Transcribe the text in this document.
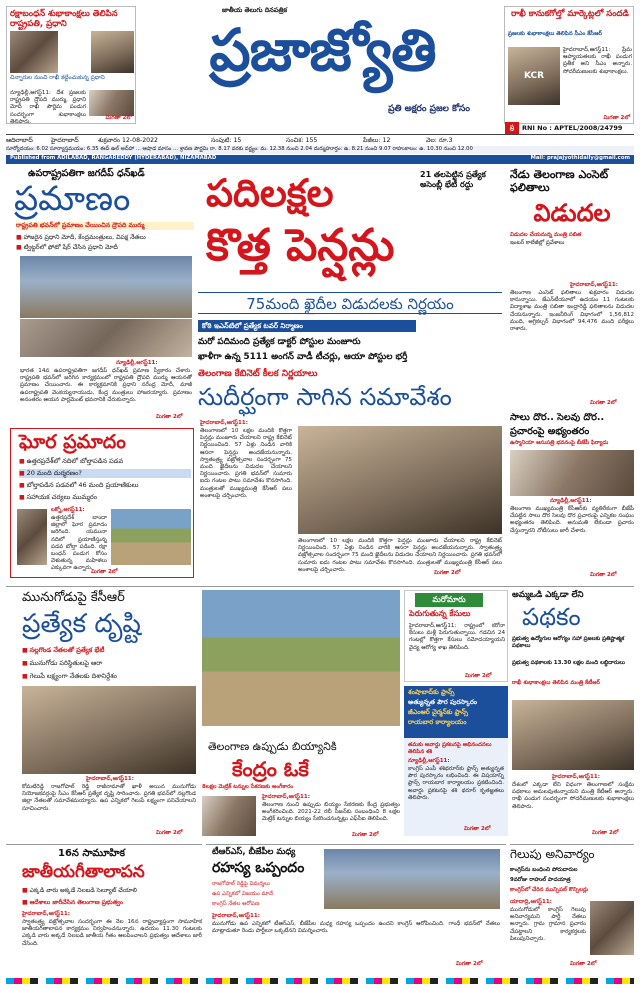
రక్షాబంధన్ శుభాకాంక్షలు తెలిపిన రాష్ట్రపతి, ప్రధాని
చిన్నారుల నుంచి రాఖీ కట్టించుకున్న ప్రధాని
న్యూఢిల్లీ,ఆగస్ట్11: దేశ ప్రజలకు రాష్ట్రపతి ద్రౌపది ముర్ము, ప్రధాని మోదీ రాఖీ పౌర్ణిమ పండుగ సందర్భంగా శుభాకాంక్షలు తెలిపారు.
మిగతా 2లో
జాతీయ తెలుగు దినపత్రిక
ప్రజాజ్యోతి
ప్రతి అక్షరం ప్రజల కోసం
రాఖీ కానుకగోల్తో మార్కెట్లలో సందడి
ప్రజలకు శుభాకాంక్షలు తెలిపిన సీఎం కేసీఆర్
KCR
హైదరాబాద్,ఆగస్ట్11: ప్రేమ ఆప్యాయతలకు రాఖీ పండుగ ప్రతీక అని సీఎం అన్నారు. సోదరీమణులకు శుభాకాంక్షలు.
మిగతా 2లో
ప్ర	RNI No : APTEL/2008/24799
ఆదిలాబాద్	హైదరాబాద్	శుక్రవారం 12-08-2022	సంపుటి: 15	సంచిక: 155	పేజీలు: 12	వెల: రూ.3
సూర్యోదయం: 6.02 సూర్యాస్తమయం: 6.35 ఈద్ ఉల్ అద్‌హా ... ఆషాడ మాసం ... శ్రావణ పౌర్ణమి రా. 8.17 వరకు వర్జ్యం: మ. 12.38 నుంచి 2.04 దుర్ముహూర్తం: ఉ. 8.21 నుంచి 9.07 రాహుకాలం: ఉ. 10.30 నుంచి 12.00
Published from ADILABAD, RANGAREDDY (HYDERABAD), NIZAMABAD	Mail: prajajyothidaily@gmail.com
ఉపరాష్ట్రపతిగా జగదీప్ ధన్‌ఖడ్
ప్రమాణం
రాష్ట్రపతి భవన్‌లో ప్రమాణం చేయించిన ద్రౌపది ముర్ము
■ హాజరైన ప్రధాని మోదీ, కేంద్రమంత్రులు, విపక్ష నేతలు
■ ట్విట్టర్‌లో ఫోటో షేర్ చేసిన ప్రధాని మోదీ
న్యూఢిల్లీ,ఆగస్ట్11:
భారత 14వ ఉపరాష్ట్రపతిగా జగదీప్ ధన్‌ఖడ్ ప్రమాణ స్వీకారం చేశారు. రాష్ట్రపతి భవన్‌లో జరిగిన కార్యక్రమంలో రాష్ట్రపతి ద్రౌపది ముర్ము ఆయనతో ప్రమాణం చేయించారు. ఈ కార్యక్రమానికి ప్రధాని నరేంద్ర మోదీ, మాజీ ఉపరాష్ట్రపతి వెంకయ్యనాయుడు, కేంద్ర మంత్రులు హాజరయ్యారు. ప్రమాణం అనంతరం ఆయన పార్లమెంట్ భవనానికి చేరుకున్నారు.
మిగతా 2లో
ఘోర ప్రమాదం
■ ఉత్తరప్రదేశ్‌లో నదిలో బోల్తాపడిన పడవ
■ 20 మంది దుర్మరణం?
■ బోల్తాపడిన పడవలో 46 మంది ప్రయాణికులు
■ సహాయక చర్యలు ముమ్మరం
లక్నో,ఆగస్ట్11:
ఉత్తరప్రదేశ్ బాందా జిల్లాలో ఘోర ప్రమాదం జరిగింది. యమునా నదిలో ప్రయాణిస్తున్న పడవ బోల్తా పడింది. రక్షా బంధన్ పండుగ కోసం వెళుతున్న మహిళలు ఎక్కువగా ఉన్నారు.
మిగతా 2లో
పదిలక్షల	21 తలపెట్టిన ప్రత్యేక అసెంబ్లీ భేటీ రద్దు
కొత్త పెన్షన్లు
75మంది ఖైదీల విడుదలకు నిర్ణయం
కోఠి ఇఎన్‌టిలో ప్రత్యేక టవర్ నిర్మాణం
మరో పదిమంది ప్రత్యేక డాక్టర్ పోస్టుల మంజూరు
ఖాళీగా ఉన్న 5111 అంగన్ వాడీ టీచర్లు, ఆయా పోస్టుల భర్తీ
తెలంగాణ కేబినెట్ కీలక నిర్ణయాలు
సుదీర్ఘంగా సాగిన సమావేశం
హైదరాబాద్,ఆగస్ట్11:
తెలంగాణలో 10 లక్షల మందికి కొత్తగా పెన్షన్లు మంజూరు చేయాలని రాష్ట్ర కేబినెట్ నిర్ణయించింది. 57 ఏళ్లు నిండిన వారికి ఆసరా పెన్షన్లు అందజేయనున్నారు. స్వాతంత్ర్య వజ్రోత్సవాల సందర్భంగా 75 మంది ఖైదీలను విడుదల చేయాలని నిర్ణయించారు. ప్రగతి భవన్‌లో సుమారు ఐదు గంటల పాటు సమావేశం కొనసాగింది. మంత్రులతో ముఖ్యమంత్రి కేసీఆర్ పలు అంశాలపై చర్చించారు.
తెలంగాణలో 10 లక్షల మందికి కొత్తగా పెన్షన్లు మంజూరు చేయాలని రాష్ట్ర కేబినెట్ నిర్ణయించింది. 57 ఏళ్లు నిండిన వారికి ఆసరా పెన్షన్లు అందజేయనున్నారు. స్వాతంత్ర్య వజ్రోత్సవాల సందర్భంగా 75 మంది ఖైదీలను విడుదల చేయాలని నిర్ణయించారు. ప్రగతి భవన్‌లో సుమారు ఐదు గంటల పాటు సమావేశం కొనసాగింది. మంత్రులతో ముఖ్యమంత్రి కేసీఆర్ పలు అంశాలపై చర్చించారు.
మిగతా 2లో
నేడు తెలంగాణ ఎంసెట్ ఫలితాలు
విడుదల
విడుదల చేయనున్న మంత్రి సబిత
ఇంటర్ కాలేజీల్లో ప్రవేశాలు
హైదరాబాద్,ఆగస్ట్11:
తెలంగాణ ఎంసెట్ ఫలితాలు శుక్రవారం విడుదల కానున్నాయి. జేఎన్‌టీయూలో ఉదయం 11 గంటలకు విద్యాశాఖ మంత్రి సబితా ఇంద్రారెడ్డి ఫలితాలను విడుదల చేయనున్నారు. ఇంజనీరింగ్ విభాగంలో 1,56,812 మంది, అగ్రికల్చర్ విభాగంలో 94,476 మంది పరీక్షలు రాశారు.
మిగతా 2లో
సాలు దొర.. సెలవు దొర..
ప్రచారంపై అభ్యంతరం
ఉస్మానియా ఆసుపత్రి భవనంపై బీజేపీ ఫిర్యాదు
న్యూఢిల్లీ,ఆగస్ట్11:
తెలంగాణ ముఖ్యమంత్రి కేసీఆర్‌కు వ్యతిరేకంగా బీజేపీ చేపట్టిన సాలు దొర సెలవు దొర ప్రచారంపై ఎన్నికల సంఘం అభ్యంతరం తెలిపింది. అనుమతి లేకుండా ప్రచారం చేస్తున్నారని నోటీసులు జారీ చేశారు.
మిగతా 2లో
మునుగోడుపై కేసీఆర్
ప్రత్యేక దృష్టి
■ నల్లగొండ నేతలతో ప్రత్యేక భేటీ
■ మునుగోడు పరిస్థితులపై ఆరా
■ గెలుపే లక్ష్యంగా నేతలకు దిశానిర్దేశం
హైదరాబాద్,ఆగస్ట్11:
కోమటిరెడ్డి రాజగోపాల్ రెడ్డి రాజీనామాతో ఖాళీ అయిన మునుగోడు నియోజకవర్గంపై సీఎం కేసీఆర్ ప్రత్యేక దృష్టి సారించారు. ప్రగతి భవన్‌లో నల్లగొండ జిల్లా నేతలతో సమావేశమయ్యారు. ఉప ఎన్నికలో గెలుపే లక్ష్యంగా పనిచేయాలని సూచించారు.
మిగతా 2లో
తెలంగాణ ఉప్పుడు బియ్యానికి
కేంద్రం ఓకే
8లక్షల మెట్రిక్ టన్నుల సేకరణకు అంగీకారం
హైదరాబాద్,ఆగస్ట్11:
తెలంగాణ నుంచి ఉప్పుడు బియ్యం సేకరణకు కేంద్ర ప్రభుత్వం అంగీకరించింది. 2021-22 రబీ సీజన్‌కు సంబంధించి 8 లక్షల మెట్రిక్ టన్నుల బియ్యం సేకరించనున్నట్లు ఎఫ్‌సీఐ తెలిపింది.
మిగతా 2లో
మరోమారు
పెరుగుతున్న కేసులు
హైదరాబాద్,ఆగస్ట్11: రాష్ట్రంలో కరోనా కేసులు మళ్లీ పెరుగుతున్నాయి. గడచిన 24 గంటల్లో కొత్తగా కేసులు నమోదయ్యాయని వైద్య ఆరోగ్య శాఖ తెలిపింది.
మిగతా 2లో
శంషాబాద్‌కు ఫ్రాన్స్
అత్యున్నత పౌర పురస్కారం
జీఎంఆర్ చైర్మన్‌కు ఫ్రాన్స్
రాయబార కార్యాలయం
తమకు అవార్డు ప్రకటనపై అభినందనలు తెలిపిన శశి
న్యూఢిల్లీ,ఆగస్ట్11:
కాంగ్రెస్ ఎంపీ శశిథరూర్‌కు ఫ్రాన్స్ అత్యున్నత పౌర పురస్కారం లభించింది. ఈ విషయాన్ని ఫ్రాన్స్ రాయబార కార్యాలయం ప్రకటించింది. అవార్డు ప్రకటనపై శశి థరూర్ కృతజ్ఞతలు తెలిపారు.
మిగతా 2లో
అమ్మఒడి ఎక్కడా లేని
పథకం
ప్రభుత్వ ఉద్యోగుల ఆరోగ్యం సహా ప్రజలకు ప్రతిష్టాత్మక పథకాలు
ప్రభుత్వ పథకాలకు 13.30 లక్షల మంది లబ్ధిదారులు
రాఖీ శుభాకాంక్షలు తెలిపిన మంత్రి కేటీఆర్
హైదరాబాద్,ఆగస్ట్11:
దేశంలో ఎక్కడా లేని విధంగా తెలంగాణలో సంక్షేమ పథకాలు అమలవుతున్నాయని మంత్రి కేటీఆర్ అన్నారు. రాఖీ పండుగ సందర్భంగా సోదరీమణులకు శుభాకాంక్షలు తెలిపారు.
మిగతా 2లో
16న సామూహిక
జాతీయగీతాలాపన
■ ఎక్కడి వారు అక్కడే నిలబడి సెల్యూట్ చేయాలి
■ ఆదేశాలు జారీచేసిన తెలంగాణ ప్రభుత్వం
హైదరాబాద్,ఆగస్ట్11:
స్వాతంత్ర్య వజ్రోత్సవాల సందర్భంగా ఈ నెల 16న రాష్ట్రవ్యాప్తంగా సామూహిక జాతీయగీతాలాపన కార్యక్రమం నిర్వహించనున్నారు. ఉదయం 11.30 గంటలకు ఎక్కడి వారు అక్కడే నిలబడి జాతీయ గీతం ఆలపించాలని ప్రభుత్వం ఆదేశాలు జారీ చేసింది.
టీఆర్ఎస్, బీజేపీల మధ్య
రహస్య ఒప్పందం
రాజగోపాల్ రెడ్డిపై విమర్శలు
ఉప ఎన్నికలో విజయం మాదే
కాంగ్రెస్ నేతల ఆరోపణ
హైదరాబాద్,ఆగస్ట్11:
మునుగోడు ఉప ఎన్నికలో టీఆర్ఎస్, బీజేపీల మధ్య రహస్య ఒప్పందం ఉందని కాంగ్రెస్ ఆరోపించింది. గాంధీ భవన్‌లో నేతలు మాట్లాడుతూ రెండు పార్టీలూ ఒక్కటేనని విమర్శించారు.
మిగతా 2లో
గెలుపు అనివార్యం
కాంగ్రెస్‌ను బంధించి పోరుదారుల
9వరోజు రాహుల్ పాదయాత్ర
కాంగ్రెస్‌లో చేరిన మున్సిపల్ కౌన్సిలర్లు
యాదాద్రి,ఆగస్ట్11:
మునుగోడులో కాంగ్రెస్ గెలుపు అనివార్యమని పార్టీ నేతలు అన్నారు. గ్రామ గ్రామాన ప్రచారం చేపట్టాలని కార్యకర్తలకు పిలుపునిచ్చారు.
మిగతా 2లో
